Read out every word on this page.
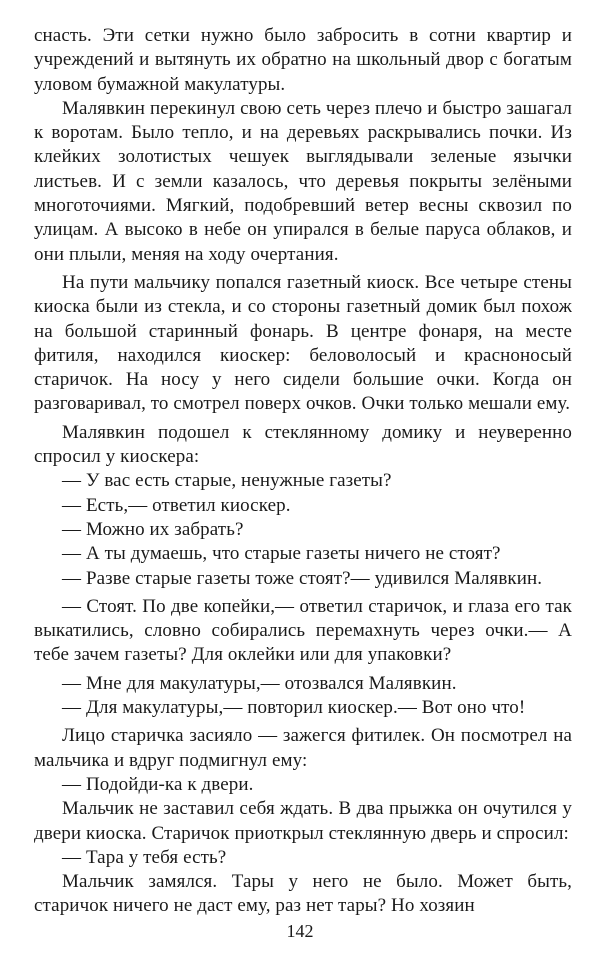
снасть. Эти сетки нужно было забросить в сотни квартир и учреждений и вытянуть их обратно на школьный двор с богатым уловом бумажной макулатуры.

Малявкин перекинул свою сеть через плечо и быстро зашагал к воротам. Было тепло, и на деревьях раскрывались почки. Из клейких золотистых чешуек выглядывали зеленые язычки листьев. И с земли казалось, что деревья покрыты зелёными многоточиями. Мягкий, подобревший ветер весны сквозил по улицам. А высоко в небе он упирался в белые паруса облаков, и они плыли, меняя на ходу очертания.

На пути мальчику попался газетный киоск. Все четыре стены киоска были из стекла, и со стороны газетный домик был похож на большой старинный фонарь. В центре фонаря, на месте фитиля, находился киоскер: беловолосый и красноносый старичок. На носу у него сидели большие очки. Когда он разговаривал, то смотрел поверх очков. Очки только мешали ему.

Малявкин подошел к стеклянному домику и неуверенно спросил у киоскера:

— У вас есть старые, ненужные газеты?

— Есть,— ответил киоскер.

— Можно их забрать?

— А ты думаешь, что старые газеты ничего не стоят?

— Разве старые газеты тоже стоят?— удивился Малявкин.

— Стоят. По две копейки,— ответил старичок, и глаза его так выкатились, словно собирались перемахнуть через очки.— А тебе зачем газеты? Для оклейки или для упаковки?

— Мне для макулатуры,— отозвался Малявкин.

— Для макулатуры,— повторил киоскер.— Вот оно что!

Лицо старичка засияло — зажегся фитилек. Он посмотрел на мальчика и вдруг подмигнул ему:

— Подойди-ка к двери.

Мальчик не заставил себя ждать. В два прыжка он очутился у двери киоска. Старичок приоткрыл стеклянную дверь и спросил:

— Тара у тебя есть?

Мальчик замялся. Тары у него не было. Может быть, старичок ничего не даст ему, раз нет тары? Но хозяин

142
